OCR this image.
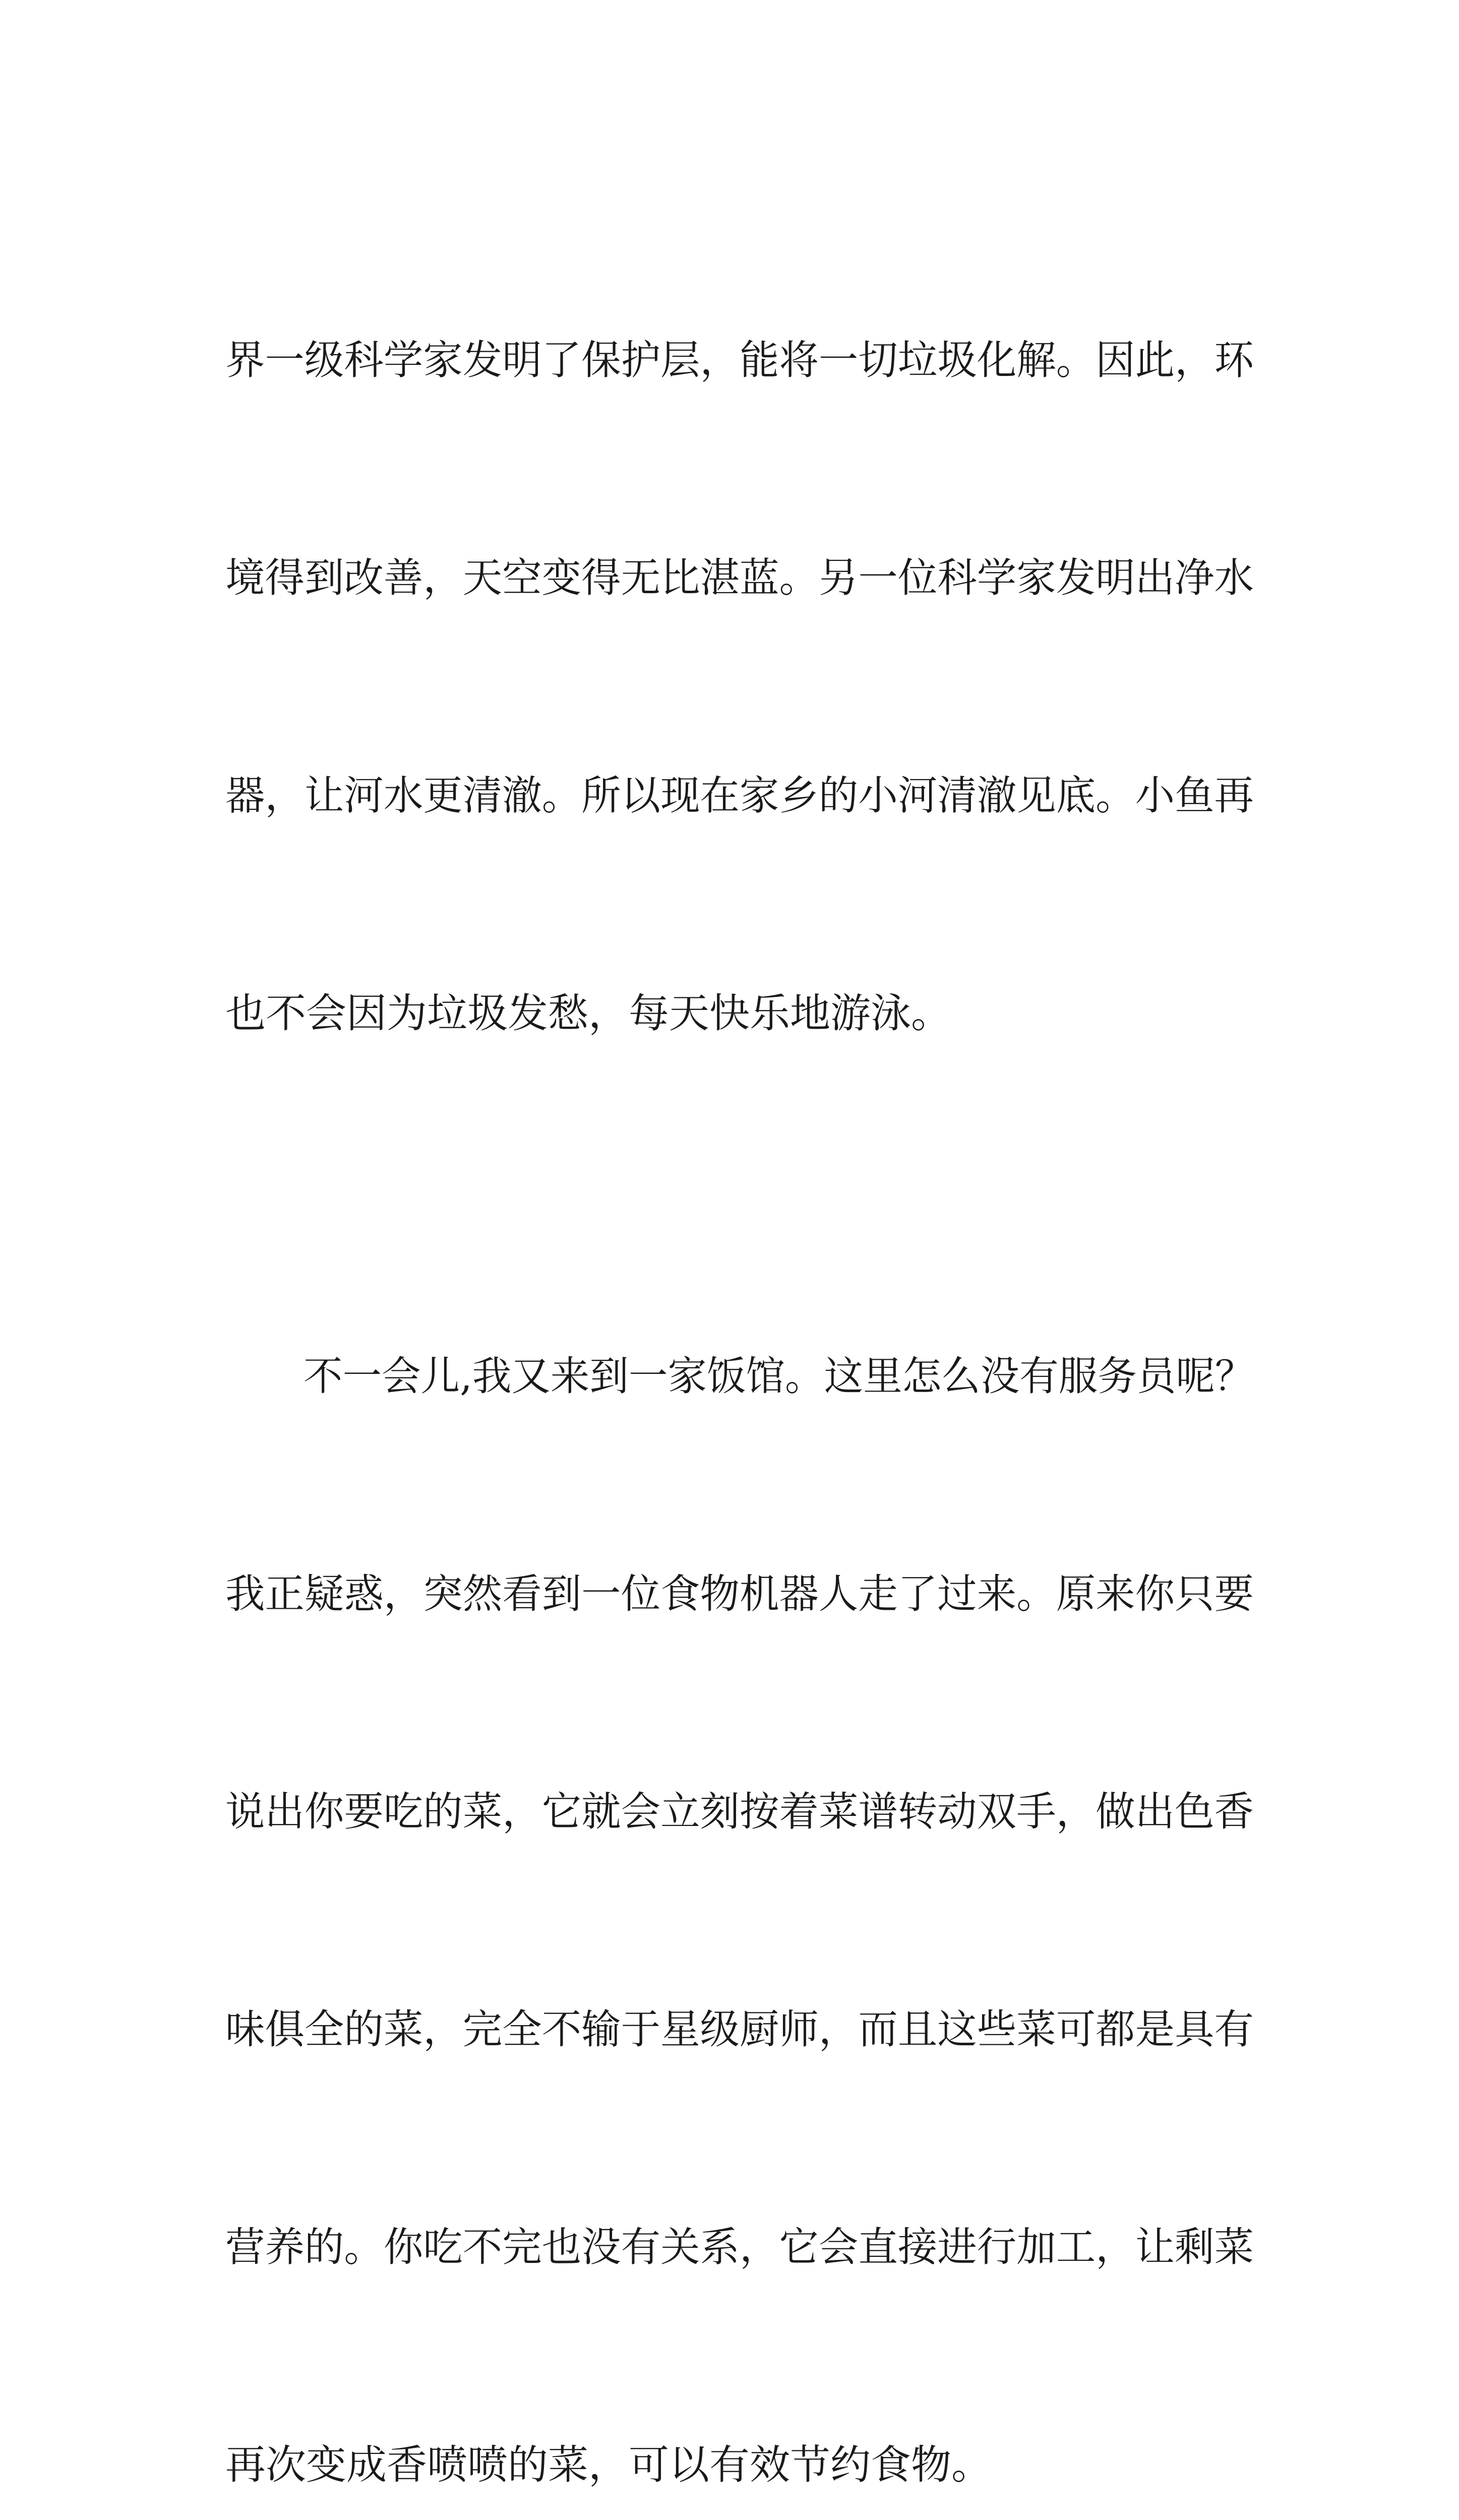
界一级科学家发明了保护层，能将一切垃圾化解。因此，环

境得到改善，天空变得无比湛蓝。另一位科学家发明出净水

器，让河水更清澈。所以现在家乡的小河清澈见底。小鱼再

也不会因为垃圾发愁，每天快乐地游泳。

　　不一会儿,我又来到一家饭馆。这里怎么没有服务员呢？

我正疑惑，突然看到一位食物机器人走了过来。原来你只要

说出你要吃的菜，它就会立刻按着菜谱转动双手，做出色香

味俱全的菜，完全不输于星级厨师，而且这些菜可都是具有

营养的。你吃不完也没有关系，它会直接进行加工，让剩菜

再次变成香喷喷的菜，可以有效节约食物。
